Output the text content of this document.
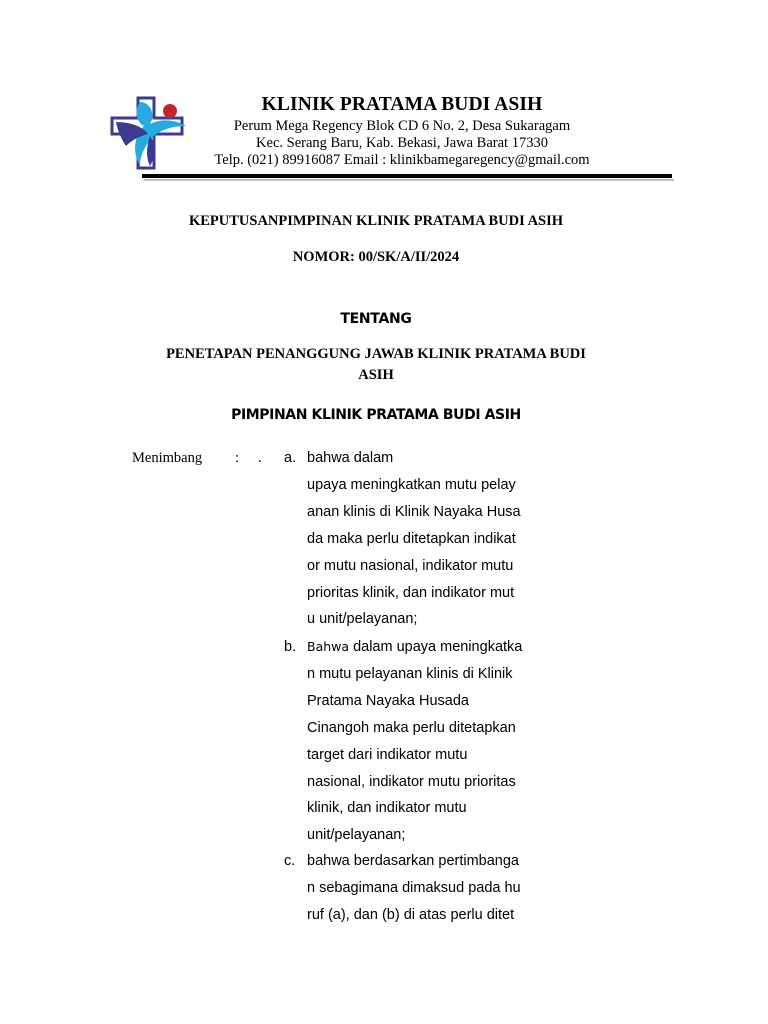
KLINIK PRATAMA BUDI ASIH
Perum Mega Regency Blok CD 6 No. 2, Desa Sukaragam
Kec. Serang Baru, Kab. Bekasi, Jawa Barat 17330
Telp. (021) 89916087 Email : klinikbamegaregency@gmail.com
KEPUTUSANPIMPINAN KLINIK PRATAMA BUDI ASIH
NOMOR: 00/SK/A/II/2024
TENTANG
PENETAPAN PENANGGUNG JAWAB KLINIK PRATAMA BUDI
ASIH
PIMPINAN KLINIK PRATAMA BUDI ASIH
Menimbang : . a. bahwa dalam
upaya meningkatkan mutu pelay
anan klinis di Klinik Nayaka Husa
da maka perlu ditetapkan indikat
or mutu nasional, indikator mutu
prioritas klinik, dan indikator mut
u unit/pelayanan;
b. Bahwa dalam upaya meningkatka
n mutu pelayanan klinis di Klinik
Pratama Nayaka Husada
Cinangoh maka perlu ditetapkan
target dari indikator mutu
nasional, indikator mutu prioritas
klinik, dan indikator mutu
unit/pelayanan;
c. bahwa berdasarkan pertimbanga
n sebagimana dimaksud pada hu
ruf (a), dan (b) di atas perlu ditet
